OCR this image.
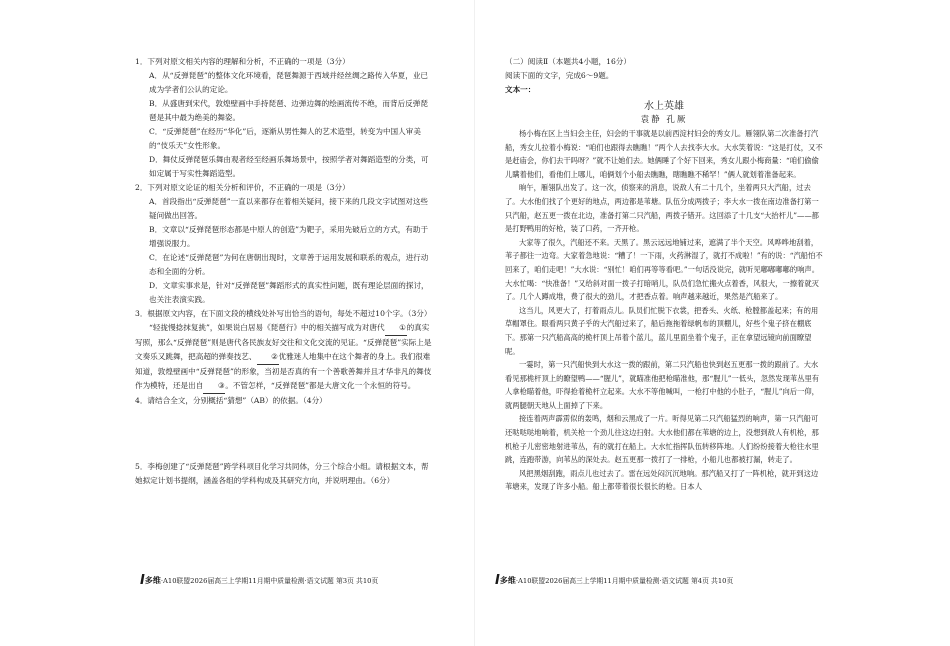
1．下列对原文相关内容的理解和分析，不正确的一项是（3分）
A．从“反弹琵琶”的整体文化环境看，琵琶舞源于西域并经丝绸之路传入华夏，业已成为学者们公认的定论。
B．从盛唐到宋代，敦煌壁画中手持琵琶、边弹边舞的绘画流传不绝，而背后反弹琵琶是其中最为绝美的舞姿。
C．“反弹琵琶”在经历“华化”后，逐渐从男性舞人的艺术造型，转变为中国人审美的“伎乐天”女性形象。
D．舞仗反弹琵琶乐舞由观者经至经画乐舞场景中，按照学者对舞蹈造型的分类，可如定属于写实性舞蹈造型。
2．下列对原文论证的相关分析和评价，不正确的一项是（3分）
A．首段指出“反弹琵琶”一直以来都存在着相关疑问，接下来的几段文字试图对这些疑问做出回答。
B．文章以“反弹琵琶形态都是中原人的创造”为靶子，采用先破后立的方式，有助于增强说服力。
C．在论述“反弹琵琶”为何在唐朝出现时，文章善于运用发展和联系的观点，进行动态和全面的分析。
D．文章实事求是，针对“反弹琵琶”舞蹈形式的真实性问题，既有理论层面的探讨，也关注表演实践。
3．根据原文内容，在下面文段的横线处补写出恰当的语句，每处不超过10个字。（3分）

“轻拢慢捻抹复挑”，如果说白居易《琵琶行》中的相关描写成为对唐代 ①的真实写照，那么“反弹琵琶”则是唐代各民族友好交往和文化交流的见证。“反弹琵琶”实际上是文奏乐又跳舞，把高超的弹奏技艺、 ②优雅迷人地集中在这个舞者的身上。我们很难知道，敦煌壁画中“反弹琵琶”的形象，当初是否真的有一个善歌善舞并且才华非凡的舞伎作为模特，还是出自 ③。不管怎样，“反弹琵琶”都是大唐文化一个永恒的符号。

4．请结合全文，分别概括“猜想”（AB）的依据。（4分）
5．李梅创建了“反弹琵琶”跨学科项目化学习共同体，分三个综合小组。请根据文本，帮她拟定计划书提纲，涵盖各组的学科构成及其研究方向，并说明理由。（6分）
Ⅰ多维·A10联盟2026届高三上学期11月期中质量检测·语文试题 第3页 共10页
（二）阅读Ⅱ（本题共4小题，16分）
阅读下面的文字，完成6～9题。
文本一：
水上英雄
袁静 孔厥

杨小梅在区上当妇会主任，妇会的干事就是以前西淀村妇会的秀女儿。雁翎队第二次准备打汽船，秀女儿拉着小梅说：“咱们也跟得去瞧瞧！”两个人去找李大水。大水笑着说：“这是打仗，又不是赶庙会，你们去干吗呀？”就不让她们去。她俩睡了个好下回来，秀女儿跟小梅商量：“咱们偷偷儿瞒着他们，看他们上哪儿，咱俩划个小船去瞧瞧，瞎瞧瞧不稀罕！”俩人就划着准备起来。

晌午，雁翎队出发了。这一次，侦察来的消息，说敌人有二十几个，坐着两只大汽船，过去了。大水他们找了个更好的地点，两边都是苇塘。队伍分成两拨子；李大水一拨在南边准备打第一只汽船，赵五更一拨在北边，准备打第二只汽船，两拨子错开。这回添了十几支“大抬杆儿”——都是打野鸭用的好枪，装了口药，一齐开枪。

大家等了很久，汽船还不来。天黑了。黑云远远地铺过来，遮满了半个天空。风哗哗地刮着，苇子都往一边弯。大家着急地说：“糟了！一下雨，火药淋湿了，就打不成啦！”有的说：“汽船怕不回来了，咱们走吧！”大水说：“别忙！咱们再等等看吧。”一句话没说完，就听见嘟嘟嘟嘟的响声。大水忙喝：“快准备！”又给斜对面一拨子打暗哨儿，队员们急忙搬火点着香，风很大，一擦着就灭了。几个人蹲成堆，费了很大的劲儿，才把香点着。响声越来越近，果然是汽船来了。

这当儿，风更大了，打着雨点儿。队员们忙脱下衣裳，把香头、火纸、枪膛都盖起来；有的用草帽罩住。眼看两只黄子乎的大汽船过来了，船后拖拖着绿帆布的顶棚儿，好些个鬼子挤在棚底下。那第一只汽船高高的桅杆顶上吊着个蓝儿，蓝儿里面坐着个鬼子，正在拿望远镜向前面瞭望呢。

一霎时，第一只汽船快到大水这一拨的跟前，第二只汽船也快到赵五更那一拨的跟前了。大水看见那桅杆顶上的瞭望鸭——“腥儿”，就瞄准他把枪瞄准他，那“腥儿”一低头，忽然发现苇丛里有人拿枪瞄着他，吓得抢着桅杆立起来。大水不等他喊叫，一枪打中他的小肚子，“腥儿”向后一仰，就两腿朝天地从上面掉了下来。

接连着两声霹雳似的轰鸣，烟和云黑成了一片。听得见第二只汽船猛烈的响声，第一只汽船可还哒哒哒地响着，机关枪一个劲儿往这边扫射。大水他们都在苇塘的边上，没想到敌人有机枪，那机枪子儿密密地射进苇丛，有的就打在船上。大水忙指挥队伍转移阵地。人们纷纷接着大枪往水里跳，连跑带游，向苇丛的深处去。赵五更那一拨打了一排枪，小船儿也都被打漏，转走了。

风把黑烟刮跑，雨点儿也过去了。雷在远处闷沉沉地响。那汽船又打了一阵机枪，就开到这边苇塘来，发现了许多小船。船上都带着很长很长的枪。日本人

Ⅰ多维·A10联盟2026届高三上学期11月期中质量检测·语文试题 第4页 共10页
